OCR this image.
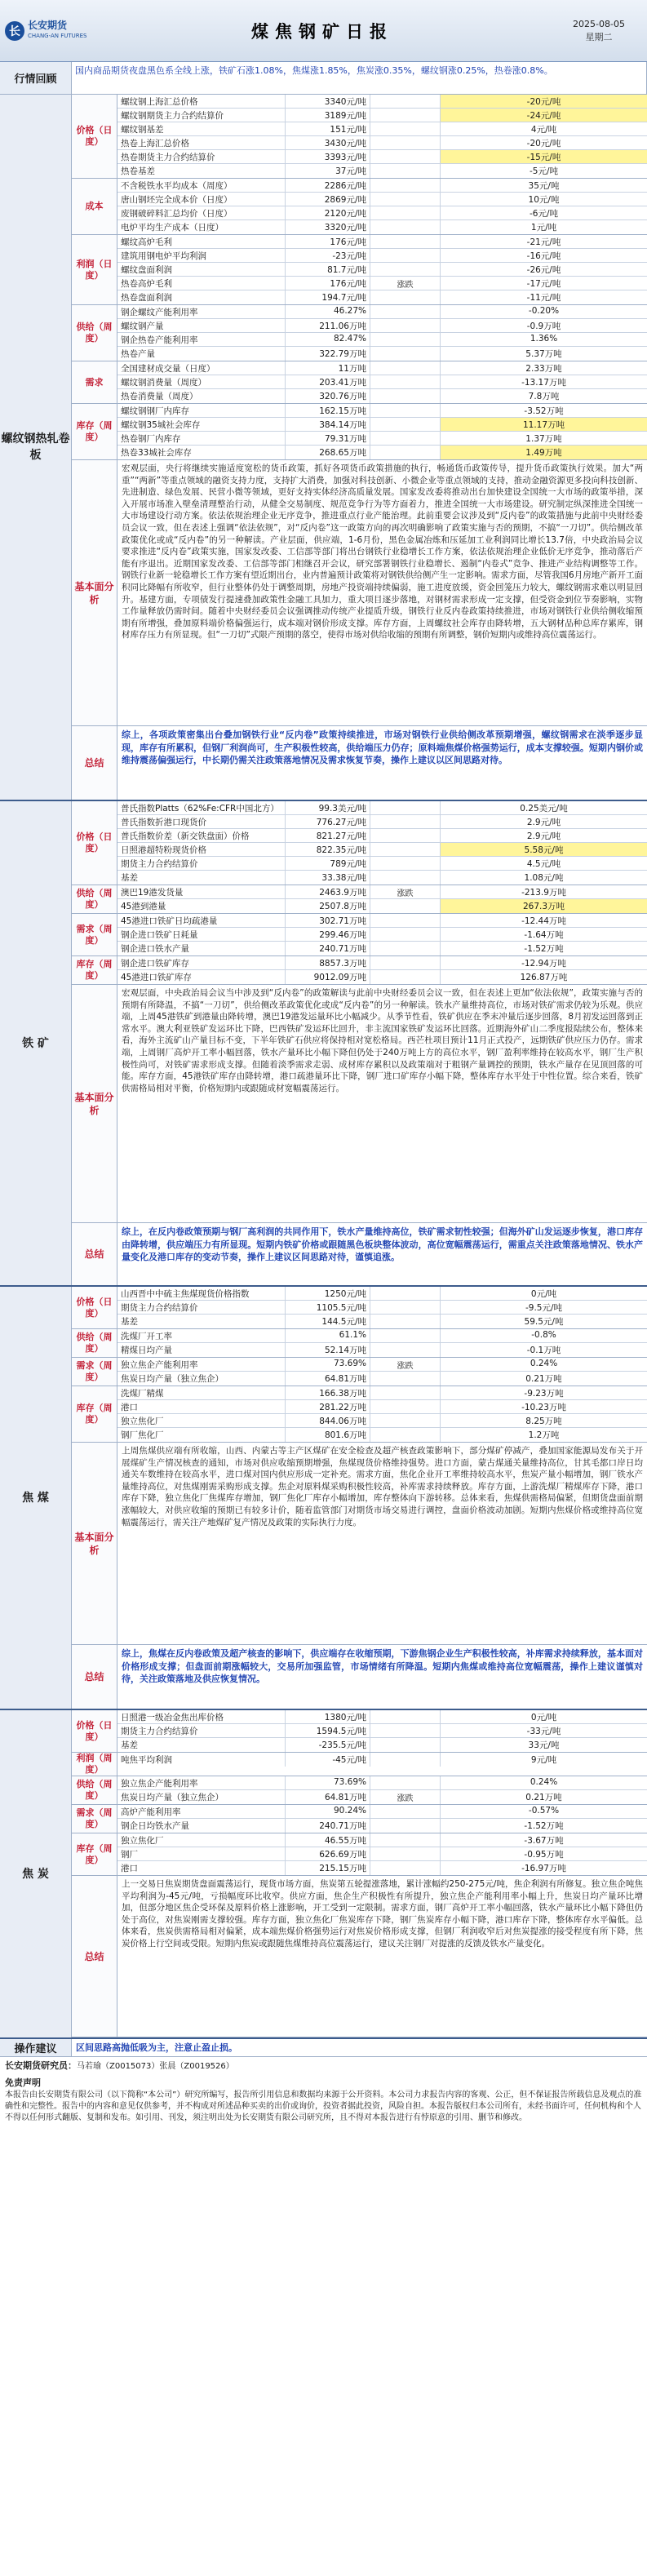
长 长安期货
CHANG-AN FUTURES	煤焦钢矿日报	2025-08-05
星期二
行情回顾
国内商品期货夜盘黑色系全线上涨，铁矿石涨1.08%，焦煤涨1.85%，焦炭涨0.35%，螺纹钢涨0.25%，热卷涨0.8%。
螺纹钢热轧卷板
价格（日度）
螺纹钢上海汇总价格	3340元/吨	-20元/吨
螺纹钢期货主力合约结算价	3189元/吨	-24元/吨
螺纹钢基差	151元/吨	4元/吨
热卷上海汇总价格	3430元/吨	-20元/吨
热卷期货主力合约结算价	3393元/吨	-15元/吨
热卷基差	37元/吨	-5元/吨
成本
不含税铁水平均成本（周度）	2286元/吨	35元/吨
唐山钢坯完全成本价（日度）	2869元/吨	10元/吨
废钢破碎料汇总均价（日度）	2120元/吨	-6元/吨
电炉平均生产成本（日度）	3320元/吨	1元/吨
利润（日度）
螺纹高炉毛利	176元/吨	-21元/吨
建筑用钢电炉平均利润	-23元/吨	-16元/吨
螺纹盘面利润	81.7元/吨	-26元/吨
热卷高炉毛利	176元/吨	涨跌	-17元/吨
热卷盘面利润	194.7元/吨	-11元/吨
供给（周度）
钢企螺纹产能利用率	46.27%	-0.20%
螺纹钢产量	211.06万吨	-0.9万吨
钢企热卷产能利用率	82.47%	1.36%
热卷产量	322.79万吨	5.37万吨
需求
全国建材成交量（日度）	11万吨	2.33万吨
螺纹钢消费量（周度）	203.41万吨	-13.17万吨
热卷消费量（周度）	320.76万吨	7.8万吨
库存（周度）
螺纹钢钢厂内库存	162.15万吨	-3.52万吨
螺纹钢35城社会库存	384.14万吨	11.17万吨
热卷钢厂内库存	79.31万吨	1.37万吨
热卷33城社会库存	268.65万吨	1.49万吨
基本面分析
宏观层面，央行将继续实施适度宽松的货币政策，抓好各项货币政策措施的执行，畅通货币政策传导，提升货币政策执行效果。加大“两重”“两新”等重点领域的融资支持力度，支持扩大消费，加强对科技创新、小微企业等重点领域的支持，推动金融资源更多投向科技创新、先进制造、绿色发展、民营小微等领域，更好支持实体经济高质量发展。国家发改委将推动出台加快建设全国统一大市场的政策举措，深入开展市场准入壁垒清理整治行动，从健全交易制度、规范竞争行为等方面着力，推进全国统一大市场建设。研究制定纵深推进全国统一大市场建设行动方案。依法依规治理企业无序竞争，推进重点行业产能治理。此前重要会议涉及到“反内卷”的政策措施与此前中央财经委员会议一致，但在表述上强调“依法依规”，对“反内卷”这一政策方向的再次明确影响了政策实施与否的预期，不搞“一刀切”。供给侧改革政策优化或成“反内卷”的另一种解读。产业层面，供应端，1-6月份，黑色金属冶炼和压延加工业利润同比增长13.7倍，中央政治局会议要求推进“反内卷”政策实施，国家发改委、工信部等部门将出台钢铁行业稳增长工作方案，依法依规治理企业低价无序竞争，推动落后产能有序退出。近期国家发改委、工信部等部门相继召开会议，研究部署钢铁行业稳增长、遏制“内卷式”竞争、推进产业结构调整等工作。钢铁行业新一轮稳增长工作方案有望近期出台，业内普遍预计政策将对钢铁供给侧产生一定影响。需求方面，尽管我国6月房地产新开工面积同比降幅有所收窄，但行业整体仍处于调整周期，房地产投资端持续偏弱，施工进度放缓，资金回笼压力较大，螺纹钢需求难以明显回升。基建方面，专项债发行提速叠加政策性金融工具加力，重大项目逐步落地，对钢材需求形成一定支撑，但受资金到位节奏影响，实物工作量释放仍需时间。随着中央财经委员会议强调推动传统产业提质升级，钢铁行业反内卷政策持续推进，市场对钢铁行业供给侧收缩预期有所增强，叠加原料端价格偏强运行，成本端对钢价形成支撑。库存方面，上周螺纹社会库存由降转增，五大钢材品种总库存累库，钢材库存压力有所显现。但“一刀切”式限产预期的落空，使得市场对供给收缩的预期有所调整，钢价短期内或维持高位震荡运行。
总结
综上，各项政策密集出台叠加钢铁行业“反内卷”政策持续推进，市场对钢铁行业供给侧改革预期增强，螺纹钢需求在淡季逐步显现，库存有所累积，但钢厂利润尚可，生产积极性较高，供给端压力仍存；原料端焦煤价格强势运行，成本支撑较强。短期内钢价或维持震荡偏强运行，中长期仍需关注政策落地情况及需求恢复节奏，操作上建议以区间思路对待。
铁 矿
价格（日度）
普氏指数Platts（62%Fe:CFR中国北方）	99.3美元/吨	0.25美元/吨
普氏指数折港口现货价	776.27元/吨	2.9元/吨
普氏指数价差（新交铁盘面）价格	821.27元/吨	2.9元/吨
日照港超特粉现货价格	822.35元/吨	5.58元/吨
期货主力合约结算价	789元/吨	4.5元/吨
基差	33.38元/吨	1.08元/吨
供给（周度）
澳巴19港发货量	2463.9万吨	涨跌	-213.9万吨
45港到港量	2507.8万吨	267.3万吨
需求（周度）
45港进口铁矿日均疏港量	302.71万吨	-12.44万吨
钢企进口铁矿日耗量	299.46万吨	-1.64万吨
钢企进口铁水产量	240.71万吨	-1.52万吨
库存（周度）
钢企进口铁矿库存	8857.3万吨	-12.94万吨
45港进口铁矿库存	9012.09万吨	126.87万吨
基本面分析
宏观层面，中央政治局会议当中涉及到“反内卷”的政策解读与此前中央财经委员会议一致，但在表述上更加“依法依规”，政策实施与否的预期有所降温，不搞“一刀切”，供给侧改革政策优化或成“反内卷”的另一种解读。铁水产量维持高位，市场对铁矿需求仍较为乐观。供应端，上周45港铁矿到港量由降转增，澳巴19港发运量环比小幅减少。从季节性看，铁矿供应在季末冲量后逐步回落，8月初发运回落到正常水平。澳大利亚铁矿发运环比下降，巴西铁矿发运环比回升，非主流国家铁矿发运环比回落。近期海外矿山二季度报陆续公布，整体来看，海外主流矿山产量目标不变，下半年铁矿石供应将保持相对宽松格局。西芒杜项目预计11月正式投产，远期铁矿供应压力仍存。需求端，上周钢厂高炉开工率小幅回落，铁水产量环比小幅下降但仍处于240万吨上方的高位水平，钢厂盈利率维持在较高水平，钢厂生产积极性尚可，对铁矿需求形成支撑。但随着淡季需求走弱、成材库存累积以及政策端对于粗钢产量调控的预期，铁水产量存在见顶回落的可能。库存方面，45港铁矿库存由降转增，港口疏港量环比下降，钢厂进口矿库存小幅下降，整体库存水平处于中性位置。综合来看，铁矿供需格局相对平衡，价格短期内或跟随成材宽幅震荡运行。
总结
综上，在反内卷政策预期与钢厂高利润的共同作用下，铁水产量维持高位，铁矿需求韧性较强；但海外矿山发运逐步恢复，港口库存由降转增，供应端压力有所显现。短期内铁矿价格或跟随黑色板块整体波动，高位宽幅震荡运行，需重点关注政策落地情况、铁水产量变化及港口库存的变动节奏，操作上建议区间思路对待，谨慎追涨。
焦 煤
价格（日度）
山西晋中中硫主焦煤现货价格指数	1250元/吨	0元/吨
期货主力合约结算价	1105.5元/吨	-9.5元/吨
基差	144.5元/吨	59.5元/吨
供给（周度）
洗煤厂开工率	61.1%	-0.8%
精煤日均产量	52.14万吨	-0.1万吨
需求（周度）
独立焦企产能利用率	73.69%	涨跌	0.24%
焦炭日均产量（独立焦企）	64.81万吨	0.21万吨
库存（周度）
洗煤厂精煤	166.38万吨	-9.23万吨
港口	281.22万吨	-10.23万吨
独立焦化厂	844.06万吨	8.25万吨
钢厂焦化厂	801.6万吨	1.2万吨
基本面分析
上周焦煤供应端有所收缩，山西、内蒙古等主产区煤矿在安全检查及超产核查政策影响下，部分煤矿停减产，叠加国家能源局发布关于开展煤矿生产情况核查的通知，市场对供应收缩预期增强，焦煤现货价格维持强势。进口方面，蒙古煤通关量维持高位，甘其毛都口岸日均通关车数维持在较高水平，进口煤对国内供应形成一定补充。需求方面，焦化企业开工率维持较高水平，焦炭产量小幅增加，钢厂铁水产量维持高位，对焦煤刚需采购形成支撑。焦企对原料煤采购积极性较高，补库需求持续释放。库存方面，上游洗煤厂精煤库存下降，港口库存下降，独立焦化厂焦煤库存增加，钢厂焦化厂库存小幅增加，库存整体向下游转移。总体来看，焦煤供需格局偏紧，但期货盘面前期涨幅较大，对供应收缩的预期已有较多计价，随着监管部门对期货市场交易进行调控，盘面价格波动加剧。短期内焦煤价格或维持高位宽幅震荡运行，需关注产地煤矿复产情况及政策的实际执行力度。
总结
综上，焦煤在反内卷政策及超产核查的影响下，供应端存在收缩预期，下游焦钢企业生产积极性较高，补库需求持续释放，基本面对价格形成支撑；但盘面前期涨幅较大，交易所加强监管，市场情绪有所降温。短期内焦煤或维持高位宽幅震荡，操作上建议谨慎对待，关注政策落地及供应恢复情况。
焦 炭
价格（日度）
日照港一级冶金焦出库价格	1380元/吨	0元/吨
期货主力合约结算价	1594.5元/吨	-33元/吨
基差	-235.5元/吨	33元/吨
利润（周度）
吨焦平均利润	-45元/吨	9元/吨
供给（周度）
独立焦企产能利用率	73.69%	0.24%
焦炭日均产量（独立焦企）	64.81万吨	涨跌	0.21万吨
需求（周度）
高炉产能利用率	90.24%	-0.57%
钢企日均铁水产量	240.71万吨	-1.52万吨
库存（周度）
独立焦化厂	46.55万吨	-3.67万吨
钢厂	626.69万吨	-0.95万吨
港口	215.15万吨	-16.97万吨
总结
上一交易日焦炭期货盘面震荡运行，现货市场方面，焦炭第五轮提涨落地，累计涨幅约250-275元/吨，焦企利润有所修复。独立焦企吨焦平均利润为-45元/吨，亏损幅度环比收窄。供应方面，焦企生产积极性有所提升，独立焦企产能利用率小幅上升，焦炭日均产量环比增加，但部分地区焦企受环保及原料价格上涨影响，开工受到一定限制。需求方面，钢厂高炉开工率小幅回落，铁水产量环比小幅下降但仍处于高位，对焦炭刚需支撑较强。库存方面，独立焦化厂焦炭库存下降，钢厂焦炭库存小幅下降，港口库存下降，整体库存水平偏低。总体来看，焦炭供需格局相对偏紧，成本端焦煤价格强势运行对焦炭价格形成支撑，但钢厂利润收窄后对焦炭提涨的接受程度有所下降，焦炭价格上行空间或受限。短期内焦炭或跟随焦煤维持高位震荡运行，建议关注钢厂对提涨的反馈及铁水产量变化。
操作建议	区间思路高抛低吸为主，注意止盈止损。
长安期货研究员：马若瑜（Z0015073）张晨（Z0019526）
免责声明
本报告由长安期货有限公司（以下简称“本公司”）研究所编写，报告所引用信息和数据均来源于公开资料。本公司力求报告内容的客观、公正，但不保证报告所载信息及观点的准确性和完整性。报告中的内容和意见仅供参考，并不构成对所述品种买卖的出价或询价，投资者据此投资，风险自担。本报告版权归本公司所有，未经书面许可，任何机构和个人不得以任何形式翻版、复制和发布。如引用、刊发，须注明出处为长安期货有限公司研究所，且不得对本报告进行有悖原意的引用、删节和修改。
